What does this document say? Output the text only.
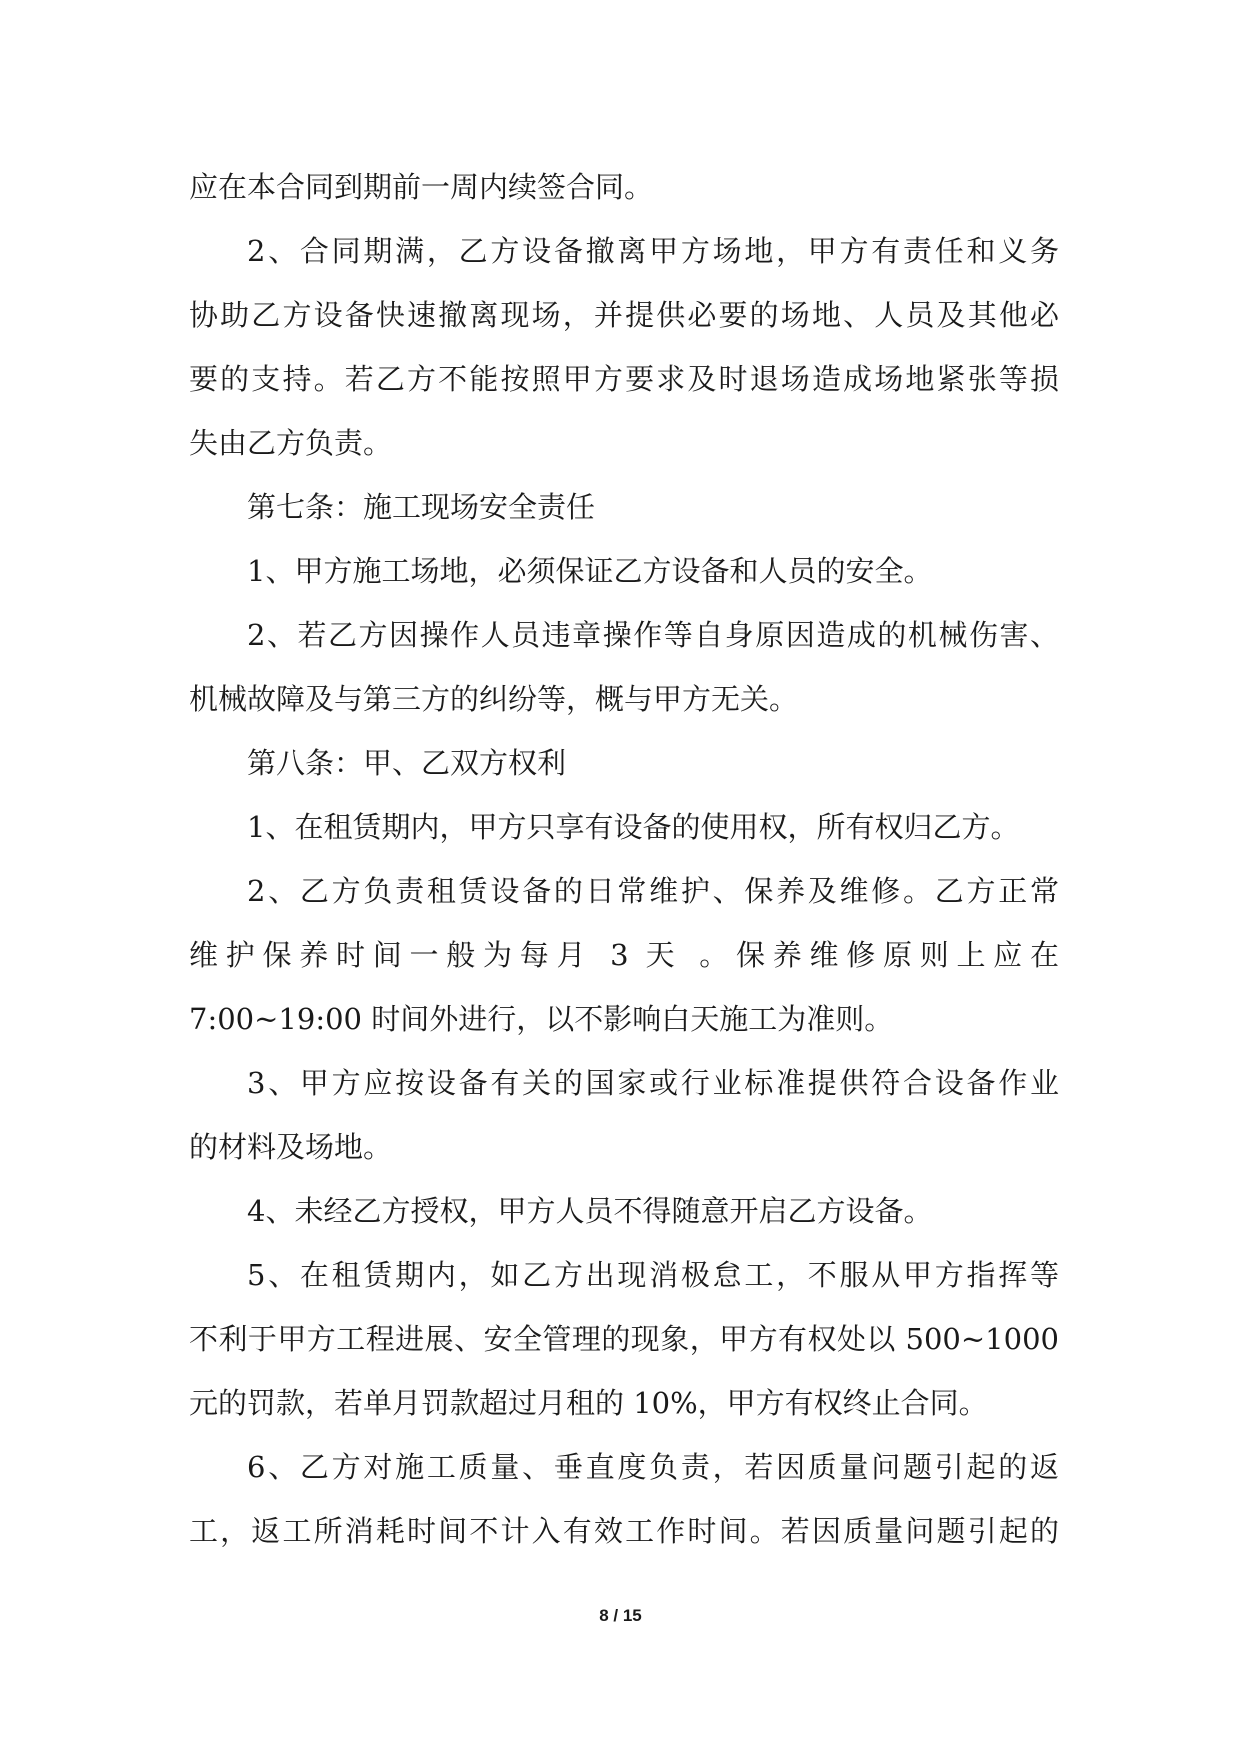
应在本合同到期前一周内续签合同。
2、合同期满，乙方设备撤离甲方场地，甲方有责任和义务
协助乙方设备快速撤离现场，并提供必要的场地、人员及其他必
要的支持。若乙方不能按照甲方要求及时退场造成场地紧张等损
失由乙方负责。
第七条：施工现场安全责任
1、甲方施工场地，必须保证乙方设备和人员的安全。
2、若乙方因操作人员违章操作等自身原因造成的机械伤害、
机械故障及与第三方的纠纷等，概与甲方无关。
第八条：甲、乙双方权利
1、在租赁期内，甲方只享有设备的使用权，所有权归乙方。
2、乙方负责租赁设备的日常维护、保养及维修。乙方正常
维护保养时间一般为每月 3 天 。保养维修原则上应在
7:00~19:00 时间外进行，以不影响白天施工为准则。
3、甲方应按设备有关的国家或行业标准提供符合设备作业
的材料及场地。
4、未经乙方授权，甲方人员不得随意开启乙方设备。
5、在租赁期内，如乙方出现消极怠工，不服从甲方指挥等
不利于甲方工程进展、安全管理的现象，甲方有权处以 500~1000
元的罚款，若单月罚款超过月租的 10%，甲方有权终止合同。
6、乙方对施工质量、垂直度负责，若因质量问题引起的返
工，返工所消耗时间不计入有效工作时间。若因质量问题引起的
8 / 15
